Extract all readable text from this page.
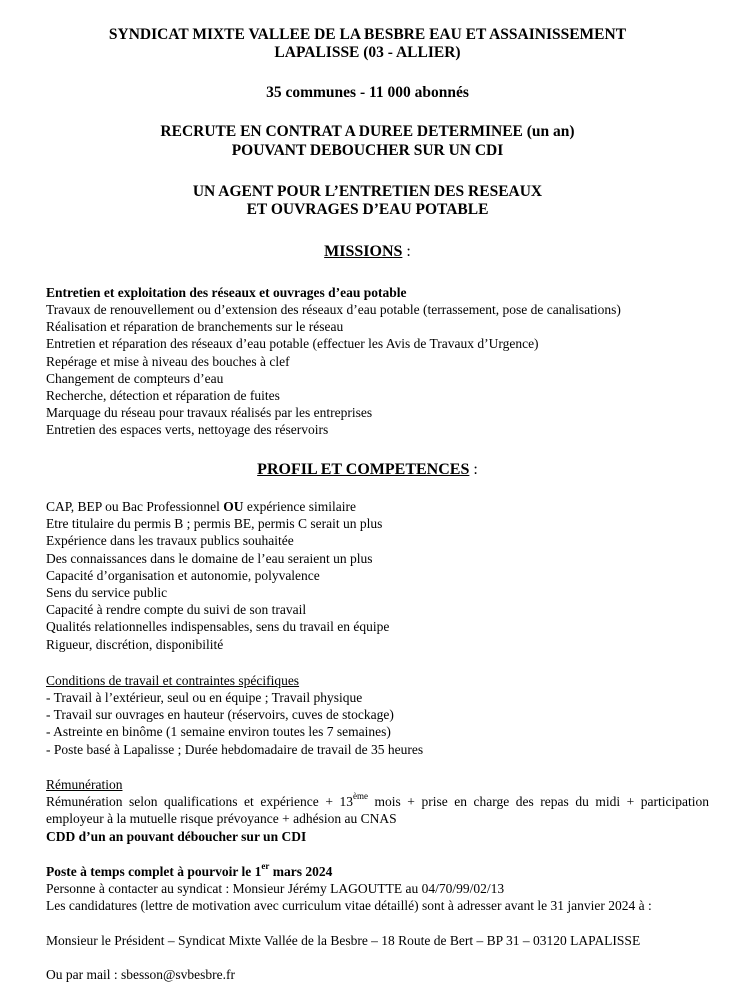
SYNDICAT MIXTE VALLEE DE LA BESBRE EAU ET ASSAINISSEMENT

LAPALISSE (03 - ALLIER)

35 communes - 11 000 abonnés

RECRUTE EN CONTRAT A DUREE DETERMINEE (un an)

POUVANT DEBOUCHER SUR UN CDI

UN AGENT POUR L’ENTRETIEN DES RESEAUX

ET OUVRAGES D’EAU POTABLE

MISSIONS :

Entretien et exploitation des réseaux et ouvrages d’eau potable

Travaux de renouvellement ou d’extension des réseaux d’eau potable (terrassement, pose de canalisations)
Réalisation et réparation de branchements sur le réseau
Entretien et réparation des réseaux d’eau potable (effectuer les Avis de Travaux d’Urgence)
Repérage et mise à niveau des bouches à clef
Changement de compteurs d’eau
Recherche, détection et réparation de fuites
Marquage du réseau pour travaux réalisés par les entreprises
Entretien des espaces verts, nettoyage des réservoirs

PROFIL ET COMPETENCES :

CAP, BEP ou Bac Professionnel OU expérience similaire
Etre titulaire du permis B ; permis BE, permis C serait un plus
Expérience dans les travaux publics souhaitée
Des connaissances dans le domaine de l’eau seraient un plus
Capacité d’organisation et autonomie, polyvalence
Sens du service public
Capacité à rendre compte du suivi de son travail
Qualités relationnelles indispensables, sens du travail en équipe
Rigueur, discrétion, disponibilité

Conditions de travail et contraintes spécifiques

- Travail à l’extérieur, seul ou en équipe ; Travail physique
- Travail sur ouvrages en hauteur (réservoirs, cuves de stockage)
- Astreinte en binôme (1 semaine environ toutes les 7 semaines)
- Poste basé à Lapalisse ; Durée hebdomadaire de travail de 35 heures

Rémunération

Rémunération selon qualifications et expérience + 13ème mois + prise en charge des repas du midi + participation employeur à la mutuelle risque prévoyance + adhésion au CNAS

CDD d’un an pouvant déboucher sur un CDI

Poste à temps complet à pourvoir le 1er mars 2024

Personne à contacter au syndicat : Monsieur Jérémy LAGOUTTE au 04/70/99/02/13

Les candidatures (lettre de motivation avec curriculum vitae détaillé) sont à adresser avant le 31 janvier 2024 à :

Monsieur le Président – Syndicat Mixte Vallée de la Besbre – 18 Route de Bert – BP 31 – 03120 LAPALISSE

Ou par mail : sbesson@svbesbre.fr
